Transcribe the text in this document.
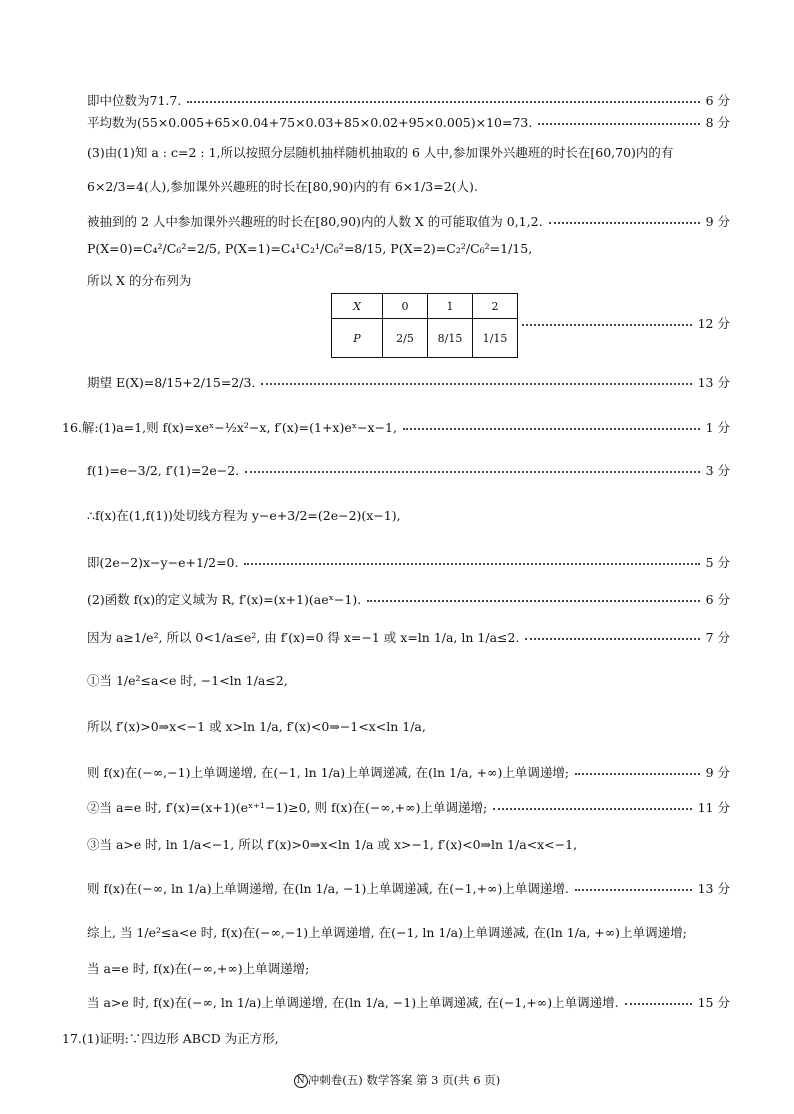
即中位数为71.7.	6 分
平均数为(55×0.005+65×0.04+75×0.03+85×0.02+95×0.005)×10=73.	8 分
(3)由(1)知 a : c=2 : 1,所以按照分层随机抽样随机抽取的 6 人中,参加课外兴趣班的时长在[60,70)内的有
6×2/3=4(人),参加课外兴趣班的时长在[80,90)内的有 6×1/3=2(人).
被抽到的 2 人中参加课外兴趣班的时长在[80,90)内的人数 X 的可能取值为 0,1,2.	9 分
P(X=0)=C₄²/C₆²=2/5, P(X=1)=C₄¹C₂¹/C₆²=8/15, P(X=2)=C₂²/C₆²=1/15,
所以 X 的分布列为
X	0	1	2
P	2/5	8/15	1/15
12 分
期望 E(X)=8/15+2/15=2/3.	13 分
16.解:(1)a=1,则 f(x)=xeˣ−½x²−x, f′(x)=(1+x)eˣ−x−1,	1 分
f(1)=e−3/2, f′(1)=2e−2.	3 分
∴f(x)在(1,f(1))处切线方程为 y−e+3/2=(2e−2)(x−1),
即(2e−2)x−y−e+1/2=0.	5 分
(2)函数 f(x)的定义域为 R, f′(x)=(x+1)(aeˣ−1).	6 分
因为 a≥1/e², 所以 0<1/a≤e², 由 f′(x)=0 得 x=−1 或 x=ln 1/a, ln 1/a≤2.	7 分
①当 1/e²≤a<e 时, −1<ln 1/a≤2,
所以 f′(x)>0⇒x<−1 或 x>ln 1/a, f′(x)<0⇒−1<x<ln 1/a,
则 f(x)在(−∞,−1)上单调递增, 在(−1, ln 1/a)上单调递减, 在(ln 1/a, +∞)上单调递增;	9 分
②当 a=e 时, f′(x)=(x+1)(eˣ⁺¹−1)≥0, 则 f(x)在(−∞,+∞)上单调递增;	11 分
③当 a>e 时, ln 1/a<−1, 所以 f′(x)>0⇒x<ln 1/a 或 x>−1, f′(x)<0⇒ln 1/a<x<−1,
则 f(x)在(−∞, ln 1/a)上单调递增, 在(ln 1/a, −1)上单调递减, 在(−1,+∞)上单调递增.	13 分
综上, 当 1/e²≤a<e 时, f(x)在(−∞,−1)上单调递增, 在(−1, ln 1/a)上单调递减, 在(ln 1/a, +∞)上单调递增;
当 a=e 时, f(x)在(−∞,+∞)上单调递增;
当 a>e 时, f(x)在(−∞, ln 1/a)上单调递增, 在(ln 1/a, −1)上单调递减, 在(−1,+∞)上单调递增.	15 分
17.(1)证明:∵四边形 ABCD 为正方形,
N 冲刺卷(五) 数学答案 第 3 页(共 6 页)
